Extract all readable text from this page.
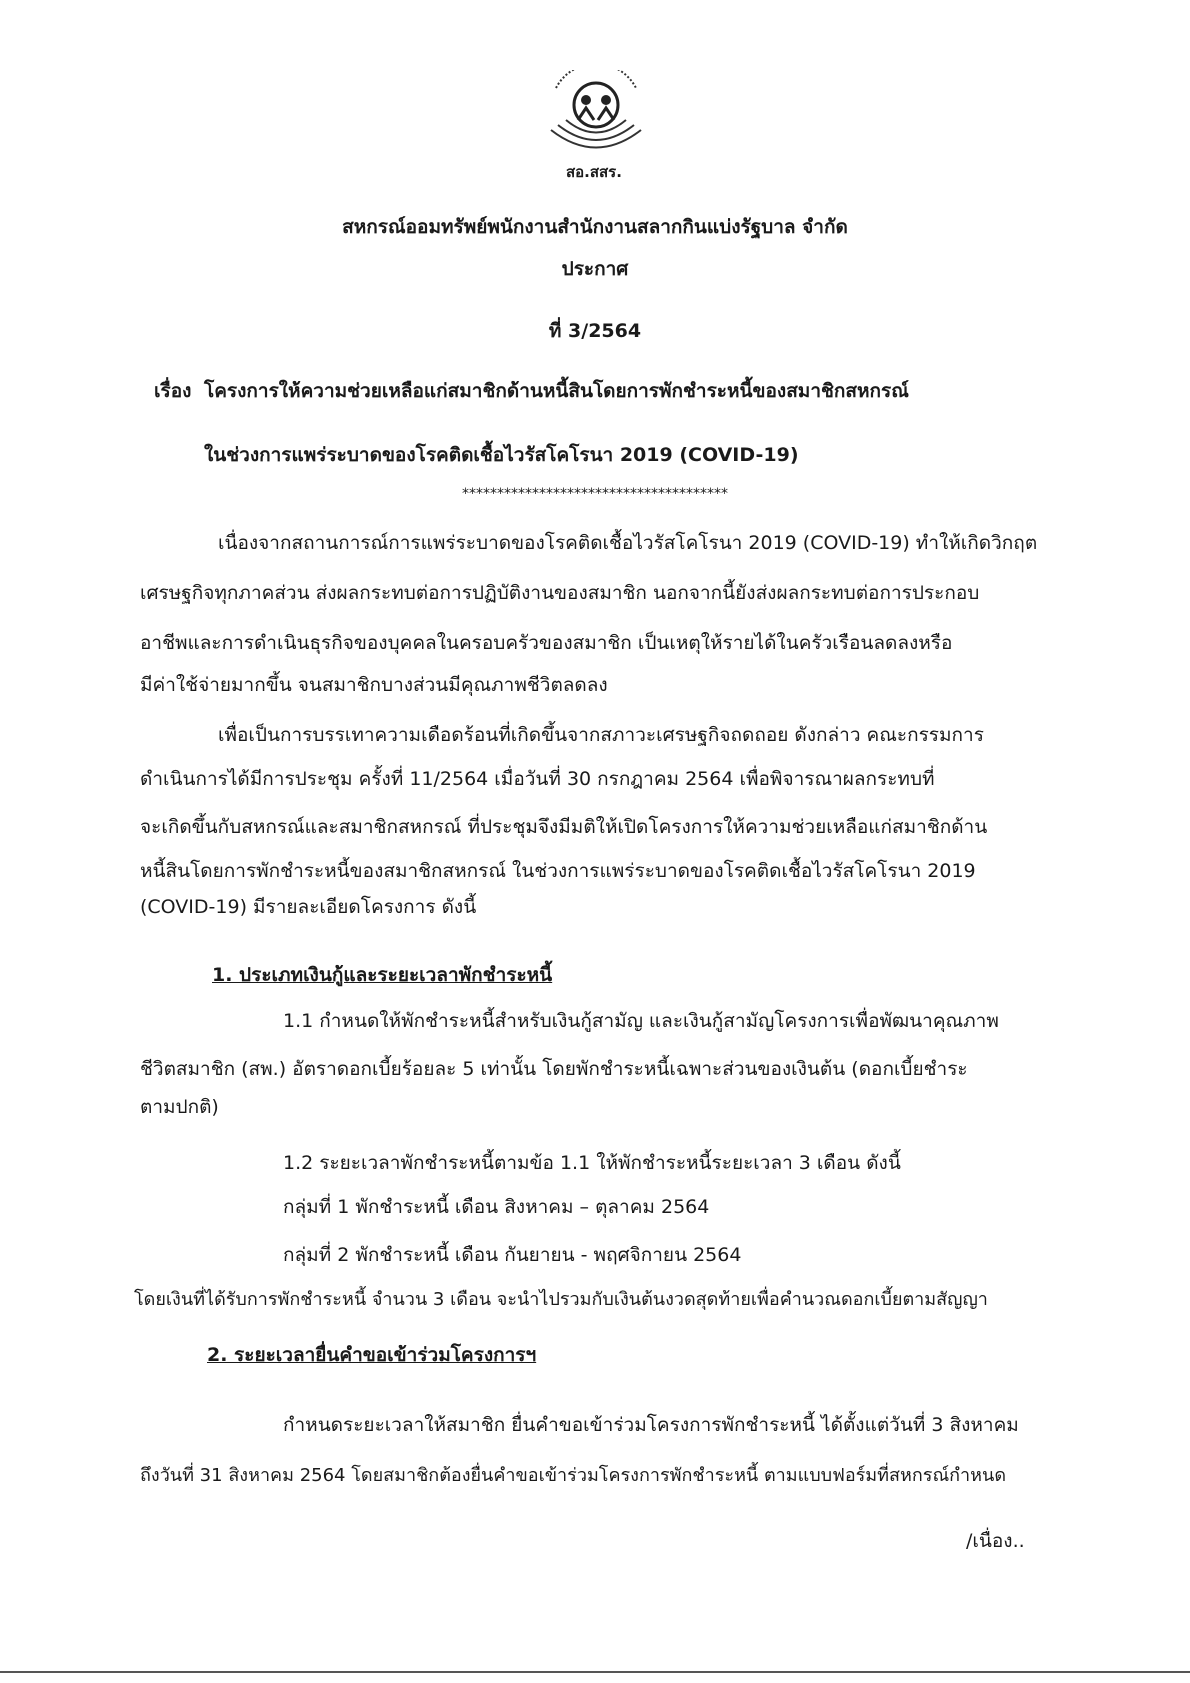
สอ.สสร.
สหกรณ์ออมทรัพย์พนักงานสำนักงานสลากกินแบ่งรัฐบาล จำกัด
ประกาศ
ที่ 3/2564
เรื่อง โครงการให้ความช่วยเหลือแก่สมาชิกด้านหนี้สินโดยการพักชำระหนี้ของสมาชิกสหกรณ์
ในช่วงการแพร่ระบาดของโรคติดเชื้อไวรัสโคโรนา 2019 (COVID-19)
**************************************
เนื่องจากสถานการณ์การแพร่ระบาดของโรคติดเชื้อไวรัสโคโรนา 2019 (COVID-19) ทำให้เกิดวิกฤต
เศรษฐกิจทุกภาคส่วน ส่งผลกระทบต่อการปฏิบัติงานของสมาชิก นอกจากนี้ยังส่งผลกระทบต่อการประกอบ
อาชีพและการดำเนินธุรกิจของบุคคลในครอบครัวของสมาชิก เป็นเหตุให้รายได้ในครัวเรือนลดลงหรือ
มีค่าใช้จ่ายมากขึ้น จนสมาชิกบางส่วนมีคุณภาพชีวิตลดลง
เพื่อเป็นการบรรเทาความเดือดร้อนที่เกิดขึ้นจากสภาวะเศรษฐกิจถดถอย ดังกล่าว คณะกรรมการ
ดำเนินการได้มีการประชุม ครั้งที่ 11/2564 เมื่อวันที่ 30 กรกฎาคม 2564 เพื่อพิจารณาผลกระทบที่
จะเกิดขึ้นกับสหกรณ์และสมาชิกสหกรณ์ ที่ประชุมจึงมีมติให้เปิดโครงการให้ความช่วยเหลือแก่สมาชิกด้าน
หนี้สินโดยการพักชำระหนี้ของสมาชิกสหกรณ์ ในช่วงการแพร่ระบาดของโรคติดเชื้อไวรัสโคโรนา 2019
(COVID-19) มีรายละเอียดโครงการ ดังนี้
1. ประเภทเงินกู้และระยะเวลาพักชำระหนี้
1.1 กำหนดให้พักชำระหนี้สำหรับเงินกู้สามัญ และเงินกู้สามัญโครงการเพื่อพัฒนาคุณภาพ
ชีวิตสมาชิก (สพ.) อัตราดอกเบี้ยร้อยละ 5 เท่านั้น โดยพักชำระหนี้เฉพาะส่วนของเงินต้น (ดอกเบี้ยชำระ
ตามปกติ)
1.2 ระยะเวลาพักชำระหนี้ตามข้อ 1.1 ให้พักชำระหนี้ระยะเวลา 3 เดือน ดังนี้
กลุ่มที่ 1 พักชำระหนี้ เดือน สิงหาคม – ตุลาคม 2564
กลุ่มที่ 2 พักชำระหนี้ เดือน กันยายน - พฤศจิกายน 2564
โดยเงินที่ได้รับการพักชำระหนี้ จำนวน 3 เดือน จะนำไปรวมกับเงินต้นงวดสุดท้ายเพื่อคำนวณดอกเบี้ยตามสัญญา
2. ระยะเวลายื่นคำขอเข้าร่วมโครงการฯ
กำหนดระยะเวลาให้สมาชิก ยื่นคำขอเข้าร่วมโครงการพักชำระหนี้ ได้ตั้งแต่วันที่ 3 สิงหาคม
ถึงวันที่ 31 สิงหาคม 2564 โดยสมาชิกต้องยื่นคำขอเข้าร่วมโครงการพักชำระหนี้ ตามแบบฟอร์มที่สหกรณ์กำหนด
/เนื่อง..
